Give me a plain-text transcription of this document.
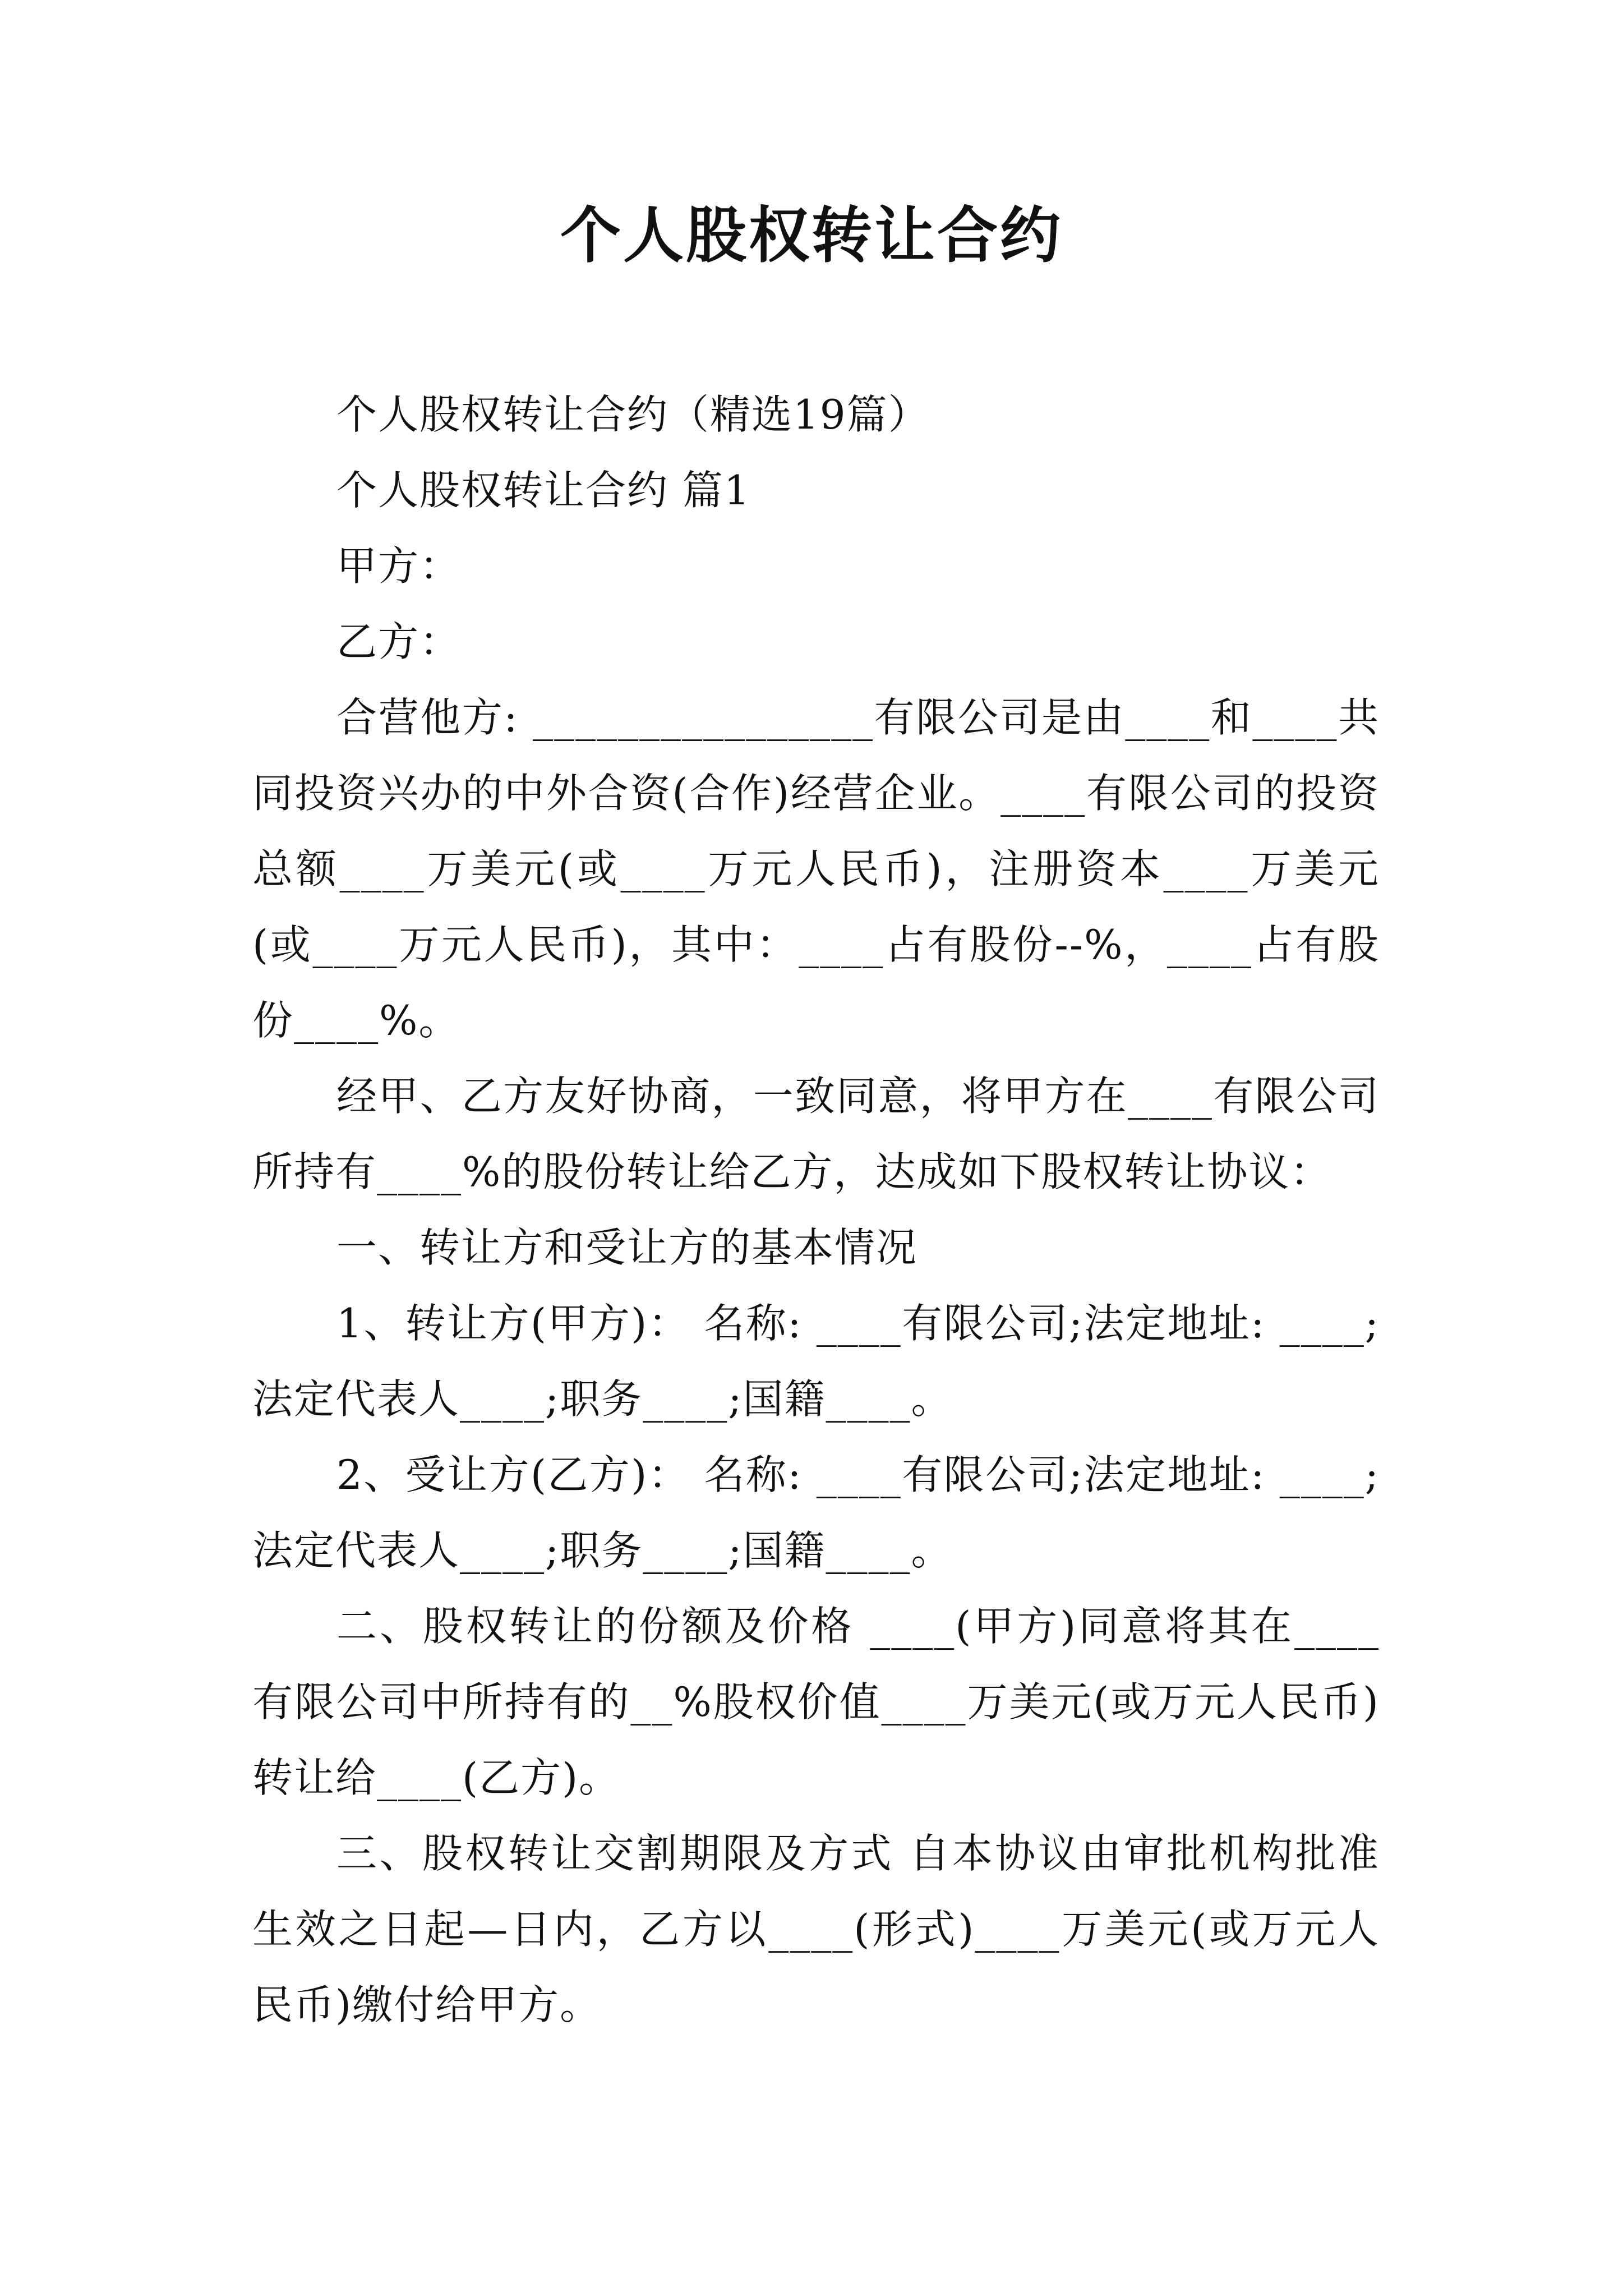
个人股权转让合约

个人股权转让合约（精选19篇）

个人股权转让合约 篇1

甲方：

乙方：

合营他方: ________________有限公司是由____和____共同投资兴办的中外合资(合作)经营企业。____有限公司的投资总额____万美元(或____万元人民币)，注册资本____万美元(或____万元人民币)，其中：____占有股份--%，____占有股份____%。

经甲、乙方友好协商，一致同意，将甲方在____有限公司所持有____%的股份转让给乙方，达成如下股权转让协议：

一、转让方和受让方的基本情况

1、转让方(甲方)： 名称: ____有限公司;法定地址: ____;法定代表人____;职务____;国籍____。

2、受让方(乙方)： 名称: ____有限公司;法定地址: ____;法定代表人____;职务____;国籍____。

二、股权转让的份额及价格 ____(甲方)同意将其在____有限公司中所持有的__%股权价值____万美元(或万元人民币)转让给____(乙方)。

三、股权转让交割期限及方式 自本协议由审批机构批准生效之日起—日内，乙方以____(形式)____万美元(或万元人民币)缴付给甲方。
